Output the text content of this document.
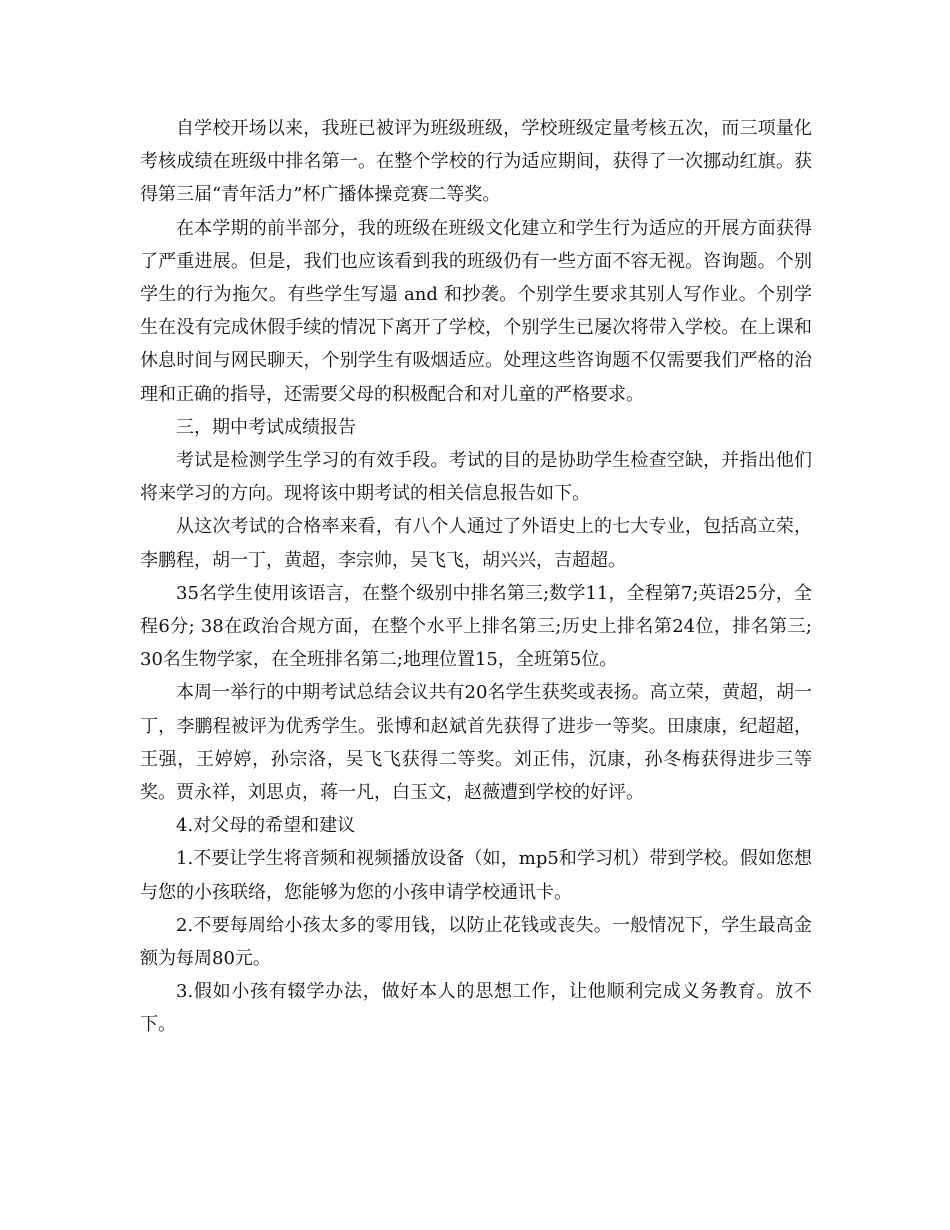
自学校开场以来，我班已被评为班级班级，学校班级定量考核五次，而三项量化考核成绩在班级中排名第一。在整个学校的行为适应期间，获得了一次挪动红旗。获得第三届“青年活力”杯广播体操竞赛二等奖。

在本学期的前半部分，我的班级在班级文化建立和学生行为适应的开展方面获得了严重进展。但是，我们也应该看到我的班级仍有一些方面不容无视。咨询题。个别学生的行为拖欠。有些学生写遢 and 和抄袭。个别学生要求其别人写作业。个别学生在没有完成休假手续的情况下离开了学校，个别学生已屡次将带入学校。在上课和休息时间与网民聊天，个别学生有吸烟适应。处理这些咨询题不仅需要我们严格的治理和正确的指导，还需要父母的积极配合和对儿童的严格要求。

三，期中考试成绩报告

考试是检测学生学习的有效手段。考试的目的是协助学生检查空缺，并指出他们将来学习的方向。现将该中期考试的相关信息报告如下。

从这次考试的合格率来看，有八个人通过了外语史上的七大专业，包括高立荣，李鹏程，胡一丁，黄超，李宗帅，吴飞飞，胡兴兴，吉超超。

35名学生使用该语言，在整个级别中排名第三;数学11，全程第7;英语25分，全程6分; 38在政治合规方面，在整个水平上排名第三;历史上排名第24位，排名第三; 30名生物学家，在全班排名第二;地理位置15，全班第5位。

本周一举行的中期考试总结会议共有20名学生获奖或表扬。高立荣，黄超，胡一丁，李鹏程被评为优秀学生。张博和赵斌首先获得了进步一等奖。田康康，纪超超，王强，王婷婷，孙宗洛，吴飞飞获得二等奖。刘正伟，沉康，孙冬梅获得进步三等奖。贾永祥，刘思贞，蒋一凡，白玉文，赵薇遭到学校的好评。

4.对父母的希望和建议

1.不要让学生将音频和视频播放设备（如，mp5和学习机）带到学校。假如您想与您的小孩联络，您能够为您的小孩申请学校通讯卡。

2.不要每周给小孩太多的零用钱，以防止花钱或丧失。一般情况下，学生最高金额为每周80元。

3.假如小孩有辍学办法，做好本人的思想工作，让他顺利完成义务教育。放不下。
